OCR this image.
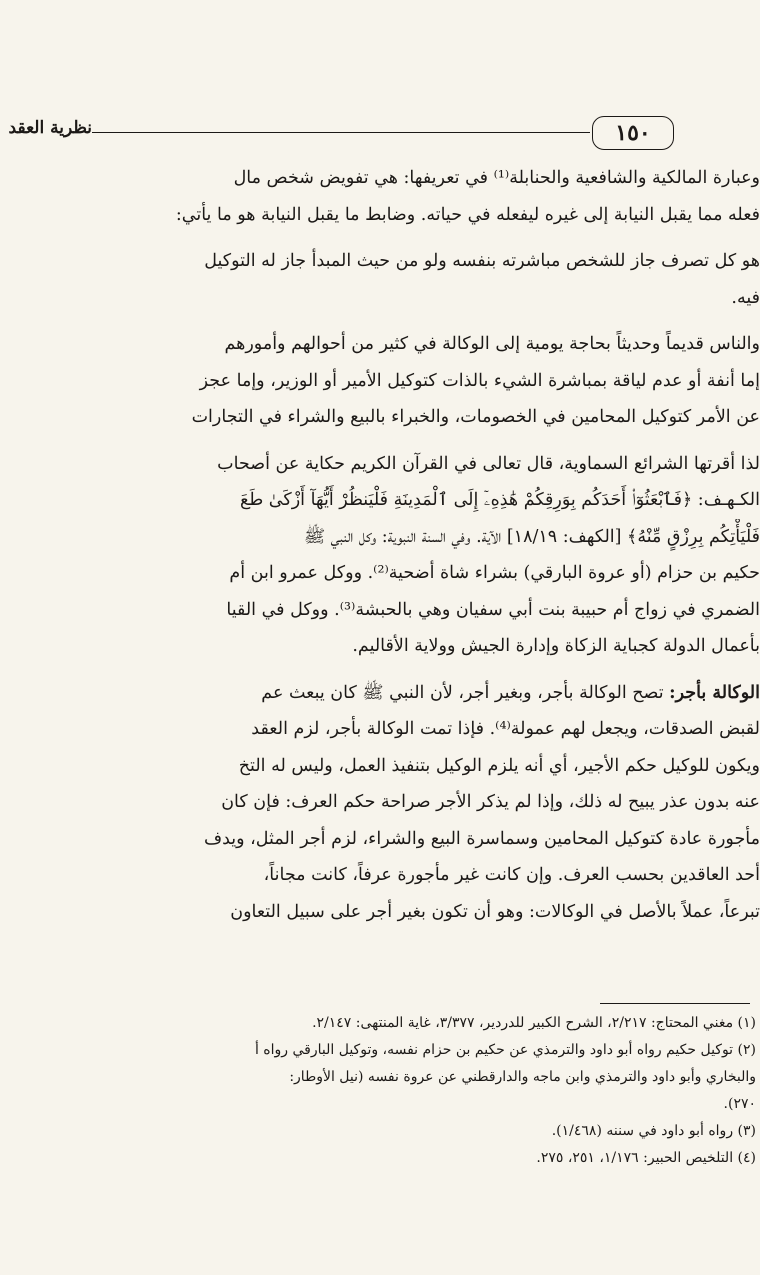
نظرية العقد	١٥٠

وعبارة المالكية والشافعية والحنابلة⁽¹⁾ في تعريفها: هي تفويض شخص مال

فعله مما يقبل النيابة إلى غيره ليفعله في حياته. وضابط ما يقبل النيابة هو ما يأتي:

هو كل تصرف جاز للشخص مباشرته بنفسه ولو من حيث المبدأ جاز له التوكيل

فيه.

والناس قديماً وحديثاً بحاجة يومية إلى الوكالة في كثير من أحوالهم وأمورهم

إما أنفة أو عدم لياقة بمباشرة الشيء بالذات كتوكيل الأمير أو الوزير، وإما عجز

عن الأمر كتوكيل المحامين في الخصومات، والخبراء بالبيع والشراء في التجارات

لذا أقرتها الشرائع السماوية، قال تعالى في القرآن الكريم حكاية عن أصحاب

الكـهـف: ﴿فَٱبْعَثُوٓا۟ أَحَدَكُم بِوَرِقِكُمْ هَٰذِهِۦٓ إِلَى ٱلْمَدِينَةِ فَلْيَنظُرْ أَيُّهَآ أَزْكَىٰ طَعَ

فَلْيَأْتِكُم بِرِزْقٍ مِّنْهُ﴾ [الكهف: ١٨/١٩] الآية. وفي السنة النبوية: وكل النبي ﷺ

حكيم بن حزام (أو عروة البارقي) بشراء شاة أضحية⁽²⁾. ووكل عمرو ابن أم

الضمري في زواج أم حبيبة بنت أبي سفيان وهي بالحبشة⁽³⁾. ووكل في القيا

بأعمال الدولة كجباية الزكاة وإدارة الجيش وولاية الأقاليم.

الوكالة بأجر: تصح الوكالة بأجر، وبغير أجر، لأن النبي ﷺ كان يبعث عم

لقبض الصدقات، ويجعل لهم عمولة⁽⁴⁾. فإذا تمت الوكالة بأجر، لزم العقد

ويكون للوكيل حكم الأجير، أي أنه يلزم الوكيل بتنفيذ العمل، وليس له التخ

عنه بدون عذر يبيح له ذلك، وإذا لم يذكر الأجر صراحة حكم العرف: فإن كان

مأجورة عادة كتوكيل المحامين وسماسرة البيع والشراء، لزم أجر المثل، ويدف

أحد العاقدين بحسب العرف. وإن كانت غير مأجورة عرفاً، كانت مجاناً،

تبرعاً، عملاً بالأصل في الوكالات: وهو أن تكون بغير أجر على سبيل التعاون

(١) مغني المحتاج: ٢/٢١٧، الشرح الكبير للدردير، ٣/٣٧٧، غاية المنتهى: ٢/١٤٧.

(٢) توكيل حكيم رواه أبو داود والترمذي عن حكيم بن حزام نفسه، وتوكيل البارقي رواه أ

والبخاري وأبو داود والترمذي وابن ماجه والدارقطني عن عروة نفسه (نيل الأوطار:

٢٧٠).

(٣) رواه أبو داود في سننه (١/٤٦٨).

(٤) التلخيص الحبير: ١/١٧٦، ٢٥١، ٢٧٥.
